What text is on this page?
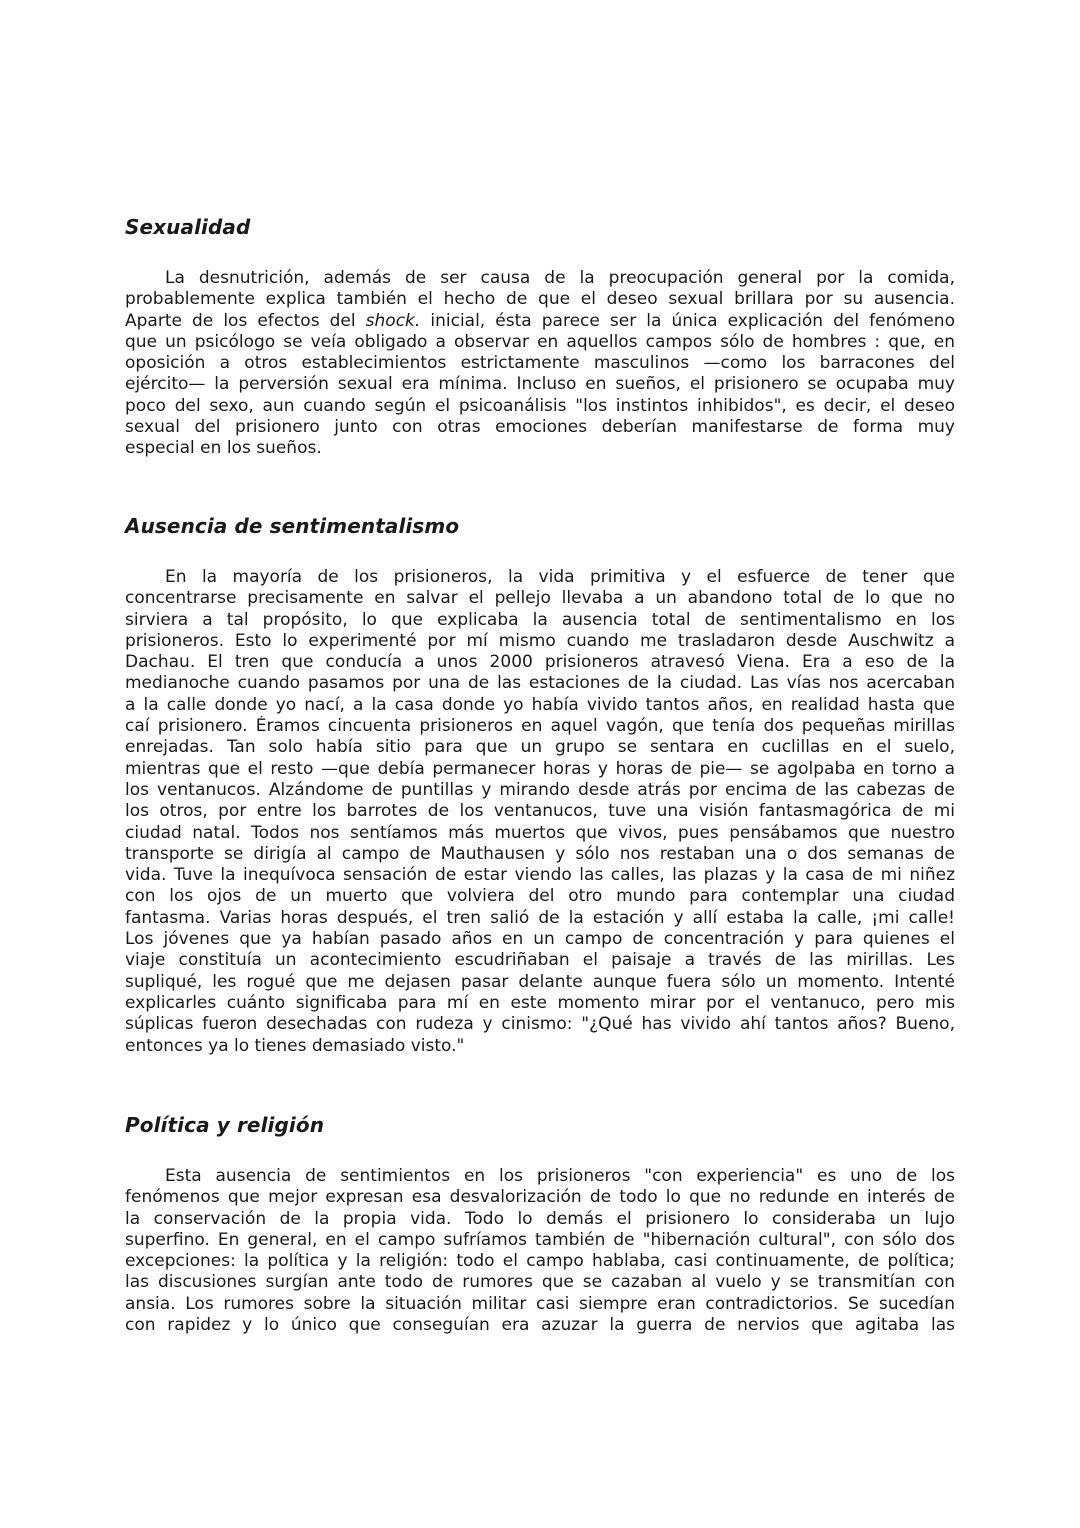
Sexualidad
La desnutrición, además de ser causa de la preocupación general por la comida,
probablemente explica también el hecho de que el deseo sexual brillara por su ausencia.
Aparte de los efectos del shock. inicial, ésta parece ser la única explicación del fenómeno
que un psicólogo se veía obligado a observar en aquellos campos sólo de hombres : que, en
oposición a otros establecimientos estrictamente masculinos —como los barracones del
ejército— la perversión sexual era mínima. Incluso en sueños, el prisionero se ocupaba muy
poco del sexo, aun cuando según el psicoanálisis "los instintos inhibidos", es decir, el deseo
sexual del prisionero junto con otras emociones deberían manifestarse de forma muy
especial en los sueños.
Ausencia de sentimentalismo
En la mayoría de los prisioneros, la vida primitiva y el esfuerce de tener que
concentrarse precisamente en salvar el pellejo llevaba a un abandono total de lo que no
sirviera a tal propósito, lo que explicaba la ausencia total de sentimentalismo en los
prisioneros. Esto lo experimenté por mí mismo cuando me trasladaron desde Auschwitz a
Dachau. El tren que conducía a unos 2000 prisioneros atravesó Viena. Era a eso de la
medianoche cuando pasamos por una de las estaciones de la ciudad. Las vías nos acercaban
a la calle donde yo nací, a la casa donde yo había vivido tantos años, en realidad hasta que
caí prisionero. Éramos cincuenta prisioneros en aquel vagón, que tenía dos pequeñas mirillas
enrejadas. Tan solo había sitio para que un grupo se sentara en cuclillas en el suelo,
mientras que el resto —que debía permanecer horas y horas de pie— se agolpaba en torno a
los ventanucos. Alzándome de puntillas y mirando desde atrás por encima de las cabezas de
los otros, por entre los barrotes de los ventanucos, tuve una visión fantasmagórica de mi
ciudad natal. Todos nos sentíamos más muertos que vivos, pues pensábamos que nuestro
transporte se dirigía al campo de Mauthausen y sólo nos restaban una o dos semanas de
vida. Tuve la inequívoca sensación de estar viendo las calles, las plazas y la casa de mi niñez
con los ojos de un muerto que volviera del otro mundo para contemplar una ciudad
fantasma. Varias horas después, el tren salió de la estación y allí estaba la calle, ¡mi calle!
Los jóvenes que ya habían pasado años en un campo de concentración y para quienes el
viaje constituía un acontecimiento escudriñaban el paisaje a través de las mirillas. Les
supliqué, les rogué que me dejasen pasar delante aunque fuera sólo un momento. Intenté
explicarles cuánto significaba para mí en este momento mirar por el ventanuco, pero mis
súplicas fueron desechadas con rudeza y cinismo: "¿Qué has vivido ahí tantos años? Bueno,
entonces ya lo tienes demasiado visto."
Política y religión
Esta ausencia de sentimientos en los prisioneros "con experiencia" es uno de los
fenómenos que mejor expresan esa desvalorización de todo lo que no redunde en interés de
la conservación de la propia vida. Todo lo demás el prisionero lo consideraba un lujo
superfino. En general, en el campo sufríamos también de "hibernación cultural", con sólo dos
excepciones: la política y la religión: todo el campo hablaba, casi continuamente, de política;
las discusiones surgían ante todo de rumores que se cazaban al vuelo y se transmitían con
ansia. Los rumores sobre la situación militar casi siempre eran contradictorios. Se sucedían
con rapidez y lo único que conseguían era azuzar la guerra de nervios que agitaba las
